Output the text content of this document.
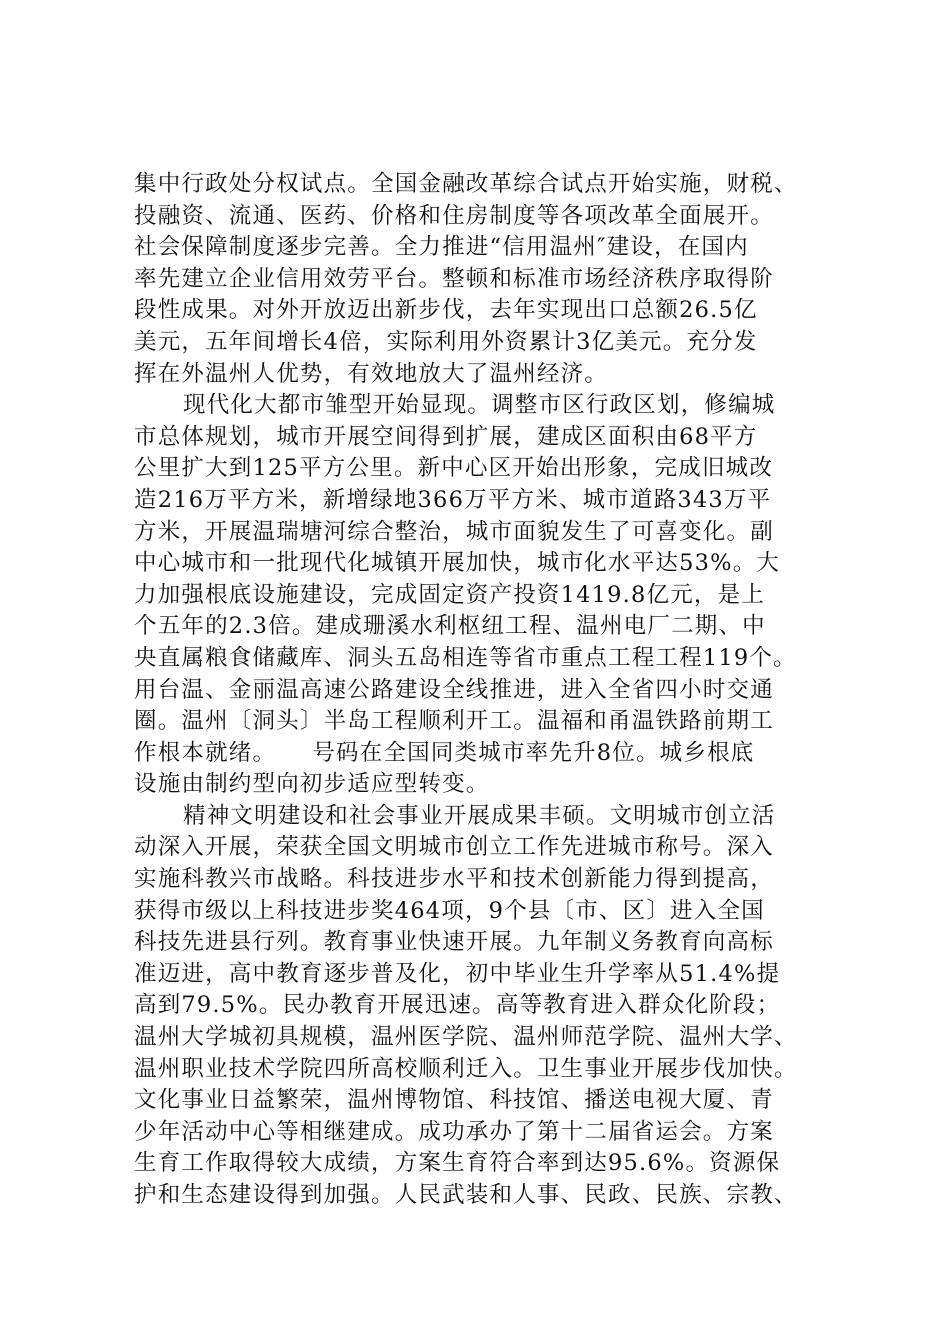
集中行政处分权试点。全国金融改革综合试点开始实施，财税、
投融资、流通、医药、价格和住房制度等各项改革全面展开。
社会保障制度逐步完善。全力推进“信用温州″建设，在国内
率先建立企业信用效劳平台。整顿和标准市场经济秩序取得阶
段性成果。对外开放迈出新步伐，去年实现出口总额26.5亿
美元，五年间增长4倍，实际利用外资累计3亿美元。充分发
挥在外温州人优势，有效地放大了温州经济。
现代化大都市雏型开始显现。调整市区行政区划，修编城
市总体规划，城市开展空间得到扩展，建成区面积由68平方
公里扩大到125平方公里。新中心区开始出形象，完成旧城改
造216万平方米，新增绿地366万平方米、城市道路343万平
方米，开展温瑞塘河综合整治，城市面貌发生了可喜变化。副
中心城市和一批现代化城镇开展加快，城市化水平达53%。大
力加强根底设施建设，完成固定资产投资1419.8亿元，是上
个五年的2.3倍。建成珊溪水利枢纽工程、温州电厂二期、中
央直属粮食储藏库、洞头五岛相连等省市重点工程工程119个。
用台温、金丽温高速公路建设全线推进，进入全省四小时交通
圈。温州〔洞头〕半岛工程顺利开工。温福和甬温铁路前期工
作根本就绪。　　号码在全国同类城市率先升8位。城乡根底
设施由制约型向初步适应型转变。
精神文明建设和社会事业开展成果丰硕。文明城市创立活
动深入开展，荣获全国文明城市创立工作先进城市称号。深入
实施科教兴市战略。科技进步水平和技术创新能力得到提高，
获得市级以上科技进步奖464项，9个县〔市、区〕进入全国
科技先进县行列。教育事业快速开展。九年制义务教育向高标
准迈进，高中教育逐步普及化，初中毕业生升学率从51.4%提
高到79.5%。民办教育开展迅速。高等教育进入群众化阶段；
温州大学城初具规模，温州医学院、温州师范学院、温州大学、
温州职业技术学院四所高校顺利迁入。卫生事业开展步伐加快。
文化事业日益繁荣，温州博物馆、科技馆、播送电视大厦、青
少年活动中心等相继建成。成功承办了第十二届省运会。方案
生育工作取得较大成绩，方案生育符合率到达95.6%。资源保
护和生态建设得到加强。人民武装和人事、民政、民族、宗教、
